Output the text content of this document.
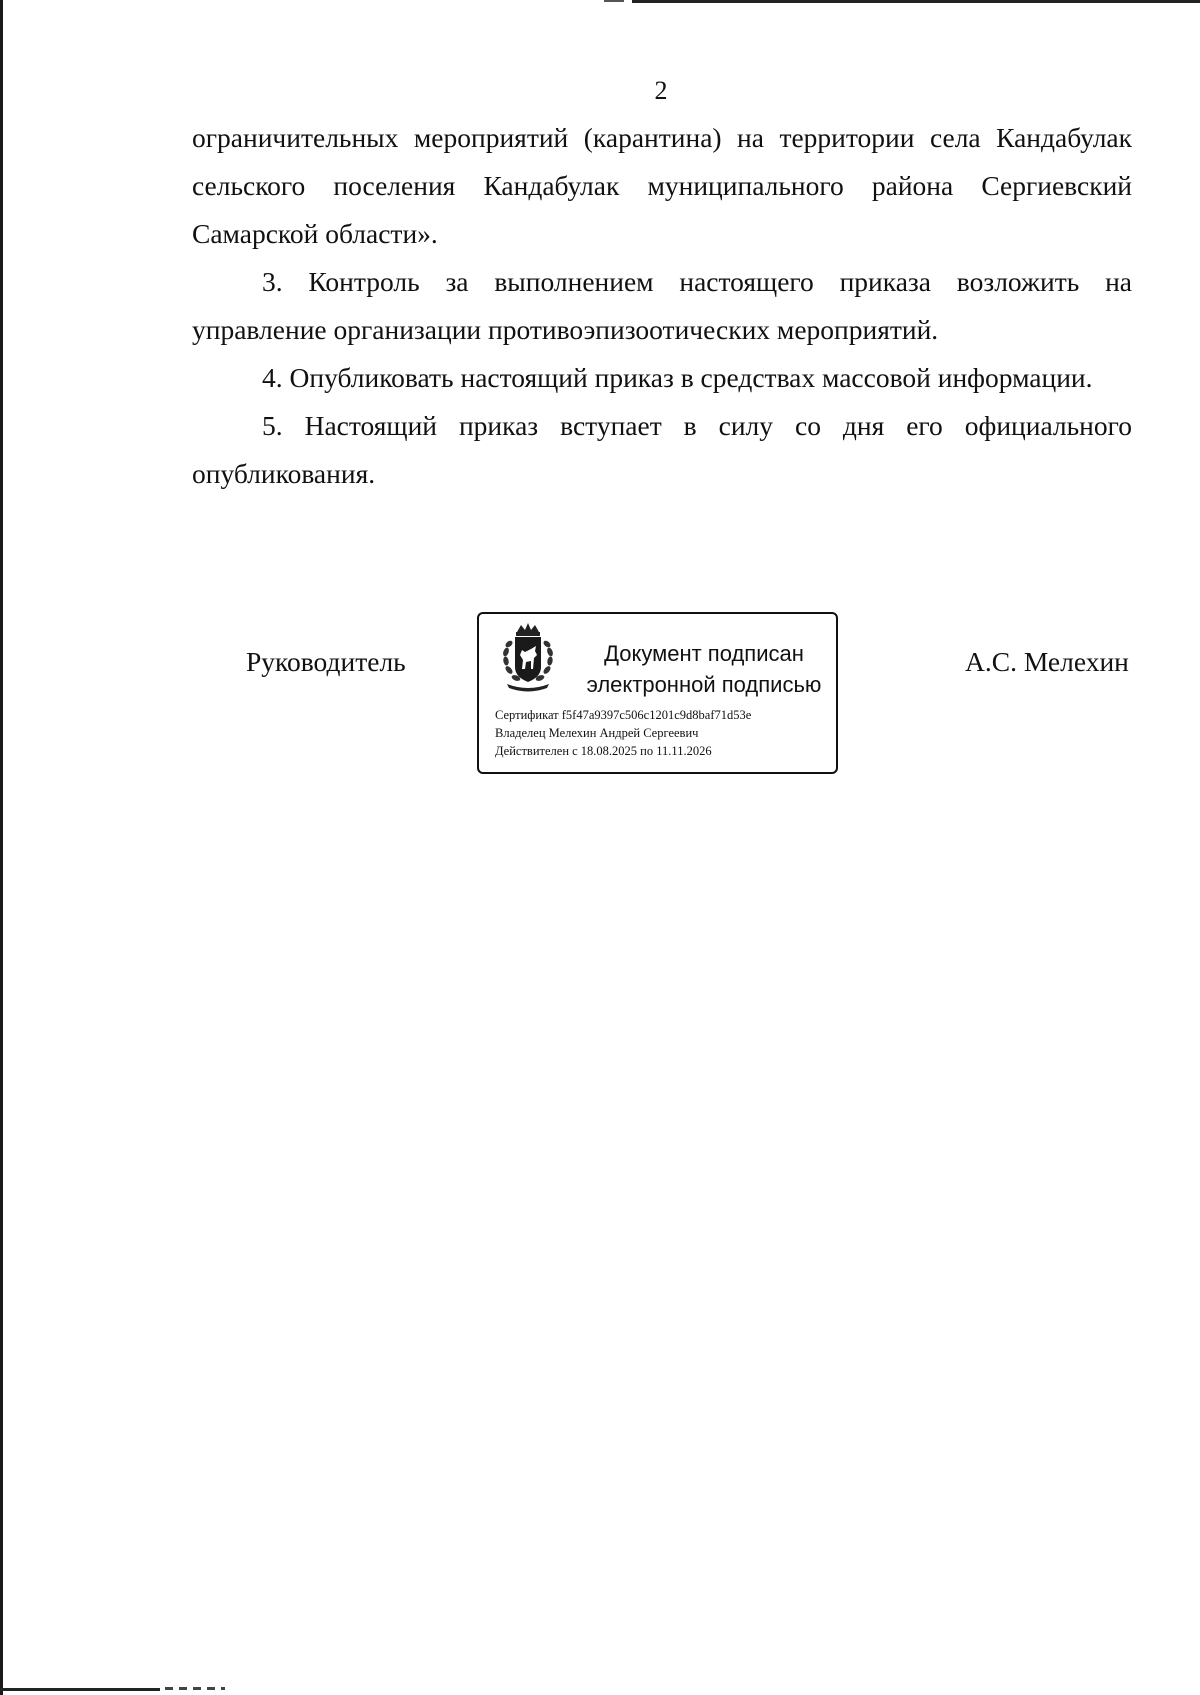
2

ограничительных мероприятий (карантина) на территории села Кандабулак сельского поселения Кандабулак муниципального района Сергиевский Самарской области».

3. Контроль за выполнением настоящего приказа возложить на управление организации противоэпизоотических мероприятий.

4. Опубликовать настоящий приказ в средствах массовой информации.

5. Настоящий приказ вступает в силу со дня его официального опубликования.

Руководитель	Документ подписан
электронной подписью
Сертификат f5f47a9397c506c1201c9d8baf71d53e
Владелец Мелехин Андрей Сергеевич
Действителен с 18.08.2025 по 11.11.2026
А.С. Мелехин
